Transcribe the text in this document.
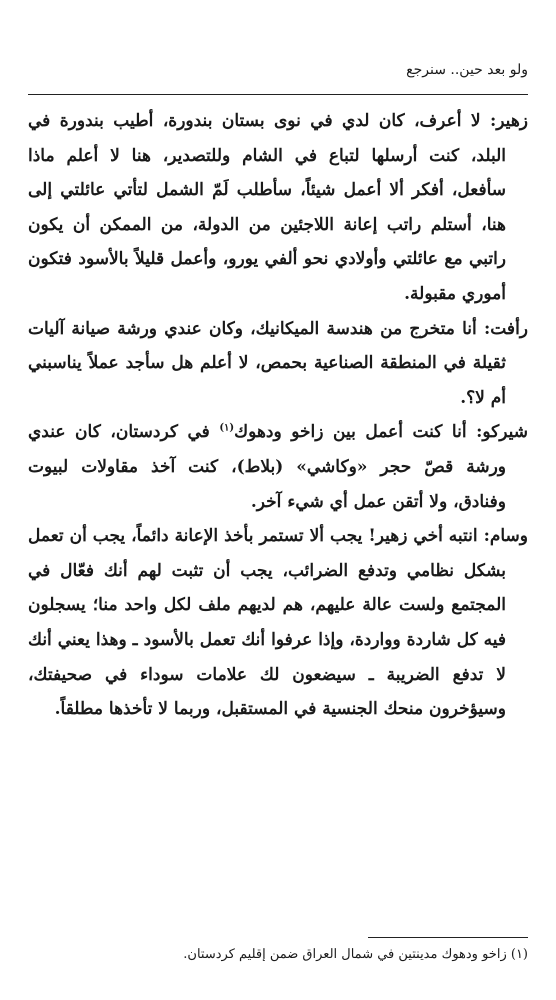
ولو بعد حين.. سنرجع

زهير: لا أعرف، كان لدي في نوى بستان بندورة، أطيب بندورة في البلد، كنت أرسلها لتباع في الشام وللتصدير، هنا لا أعلم ماذا سأفعل، أفكر ألا أعمل شيئاً، سأطلب لَمّ الشمل لتأتي عائلتي إلى هنا، أستلم راتب إعانة اللاجئين من الدولة، من الممكن أن يكون راتبي مع عائلتي وأولادي نحو ألفي يورو، وأعمل قليلاً بالأسود فتكون أموري مقبولة.

رأفت: أنا متخرج من هندسة الميكانيك، وكان عندي ورشة صيانة آليات ثقيلة في المنطقة الصناعية بحمص، لا أعلم هل سأجد عملاً يناسبني أم لا؟.

شيركو: أنا كنت أعمل بين زاخو ودهوك$^{(١)}$ في كردستان، كان عندي ورشة قصّ حجر «وكاشي» (بلاط)، كنت آخذ مقاولات لبيوت وفنادق، ولا أتقن عمل أي شيء آخر.

وسام: انتبه أخي زهير! يجب ألا تستمر بأخذ الإعانة دائماً، يجب أن تعمل بشكل نظامي وتدفع الضرائب، يجب أن تثبت لهم أنك فعّال في المجتمع ولست عالة عليهم، هم لديهم ملف لكل واحد منا؛ يسجلون فيه كل شاردة وواردة، وإذا عرفوا أنك تعمل بالأسود ـ وهذا يعني أنك لا تدفع الضريبة ـ سيضعون لك علامات سوداء في صحيفتك، وسيؤخرون منحك الجنسية في المستقبل، وربما لا تأخذها مطلقاً.

(١) زاخو ودهوك مدينتين في شمال العراق ضمن إقليم كردستان.
